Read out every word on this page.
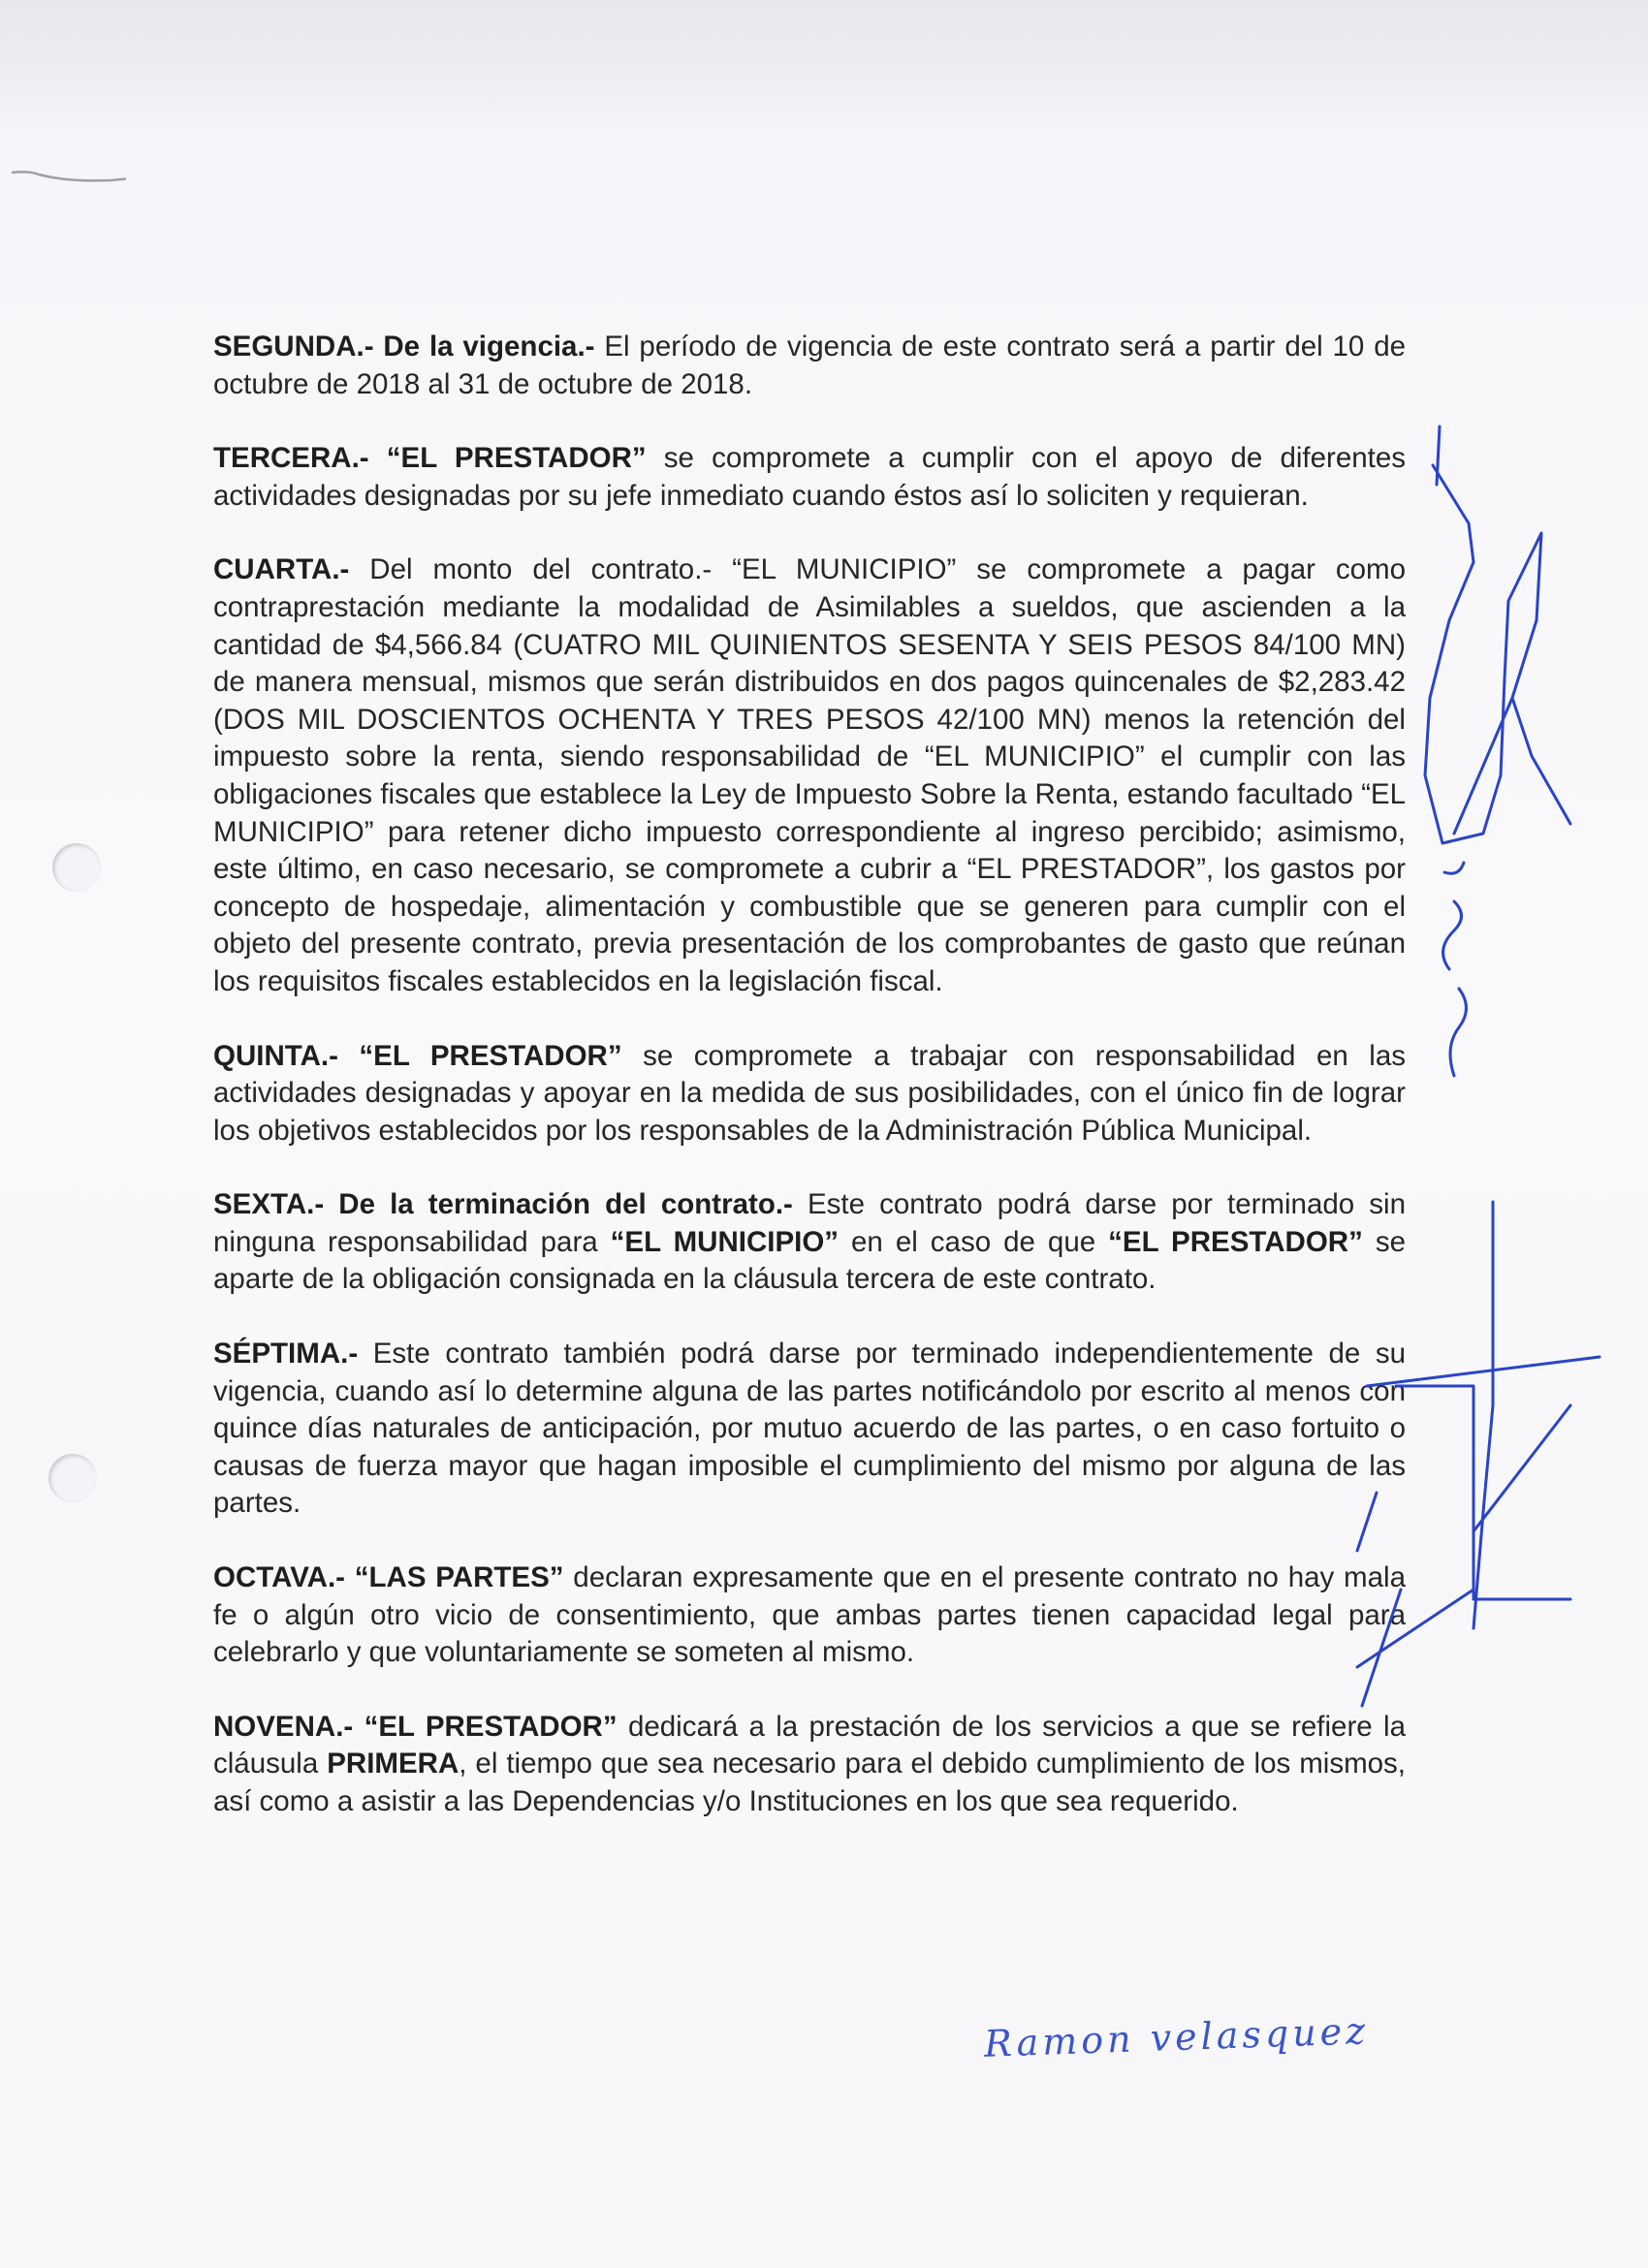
SEGUNDA.- De la vigencia.- El período de vigencia de este contrato será a partir del 10 de octubre de 2018 al 31 de octubre de 2018.

TERCERA.- “EL PRESTADOR” se compromete a cumplir con el apoyo de diferentes actividades designadas por su jefe inmediato cuando éstos así lo soliciten y requieran.

CUARTA.- Del monto del contrato.- “EL MUNICIPIO” se compromete a pagar como contraprestación mediante la modalidad de Asimilables a sueldos, que ascienden a la cantidad de $4,566.84 (CUATRO MIL QUINIENTOS SESENTA Y SEIS PESOS 84/100 MN) de manera mensual, mismos que serán distribuidos en dos pagos quincenales de $2,283.42 (DOS MIL DOSCIENTOS OCHENTA Y TRES PESOS 42/100 MN) menos la retención del impuesto sobre la renta, siendo responsabilidad de “EL MUNICIPIO” el cumplir con las obligaciones fiscales que establece la Ley de Impuesto Sobre la Renta, estando facultado “EL MUNICIPIO” para retener dicho impuesto correspondiente al ingreso percibido; asimismo, este último, en caso necesario, se compromete a cubrir a “EL PRESTADOR”, los gastos por concepto de hospedaje, alimentación y combustible que se generen para cumplir con el objeto del presente contrato, previa presentación de los comprobantes de gasto que reúnan los requisitos fiscales establecidos en la legislación fiscal.

QUINTA.- “EL PRESTADOR” se compromete a trabajar con responsabilidad en las actividades designadas y apoyar en la medida de sus posibilidades, con el único fin de lograr los objetivos establecidos por los responsables de la Administración Pública Municipal.

SEXTA.- De la terminación del contrato.- Este contrato podrá darse por terminado sin ninguna responsabilidad para “EL MUNICIPIO” en el caso de que “EL PRESTADOR” se aparte de la obligación consignada en la cláusula tercera de este contrato.

SÉPTIMA.- Este contrato también podrá darse por terminado independientemente de su vigencia, cuando así lo determine alguna de las partes notificándolo por escrito al menos con quince días naturales de anticipación, por mutuo acuerdo de las partes, o en caso fortuito o causas de fuerza mayor que hagan imposible el cumplimiento del mismo por alguna de las partes.

OCTAVA.- “LAS PARTES” declaran expresamente que en el presente contrato no hay mala fe o algún otro vicio de consentimiento, que ambas partes tienen capacidad legal para celebrarlo y que voluntariamente se someten al mismo.

NOVENA.- “EL PRESTADOR” dedicará a la prestación de los servicios a que se refiere la cláusula PRIMERA, el tiempo que sea necesario para el debido cumplimiento de los mismos, así como a asistir a las Dependencias y/o Instituciones en los que sea requerido.

Ramon velasquez
